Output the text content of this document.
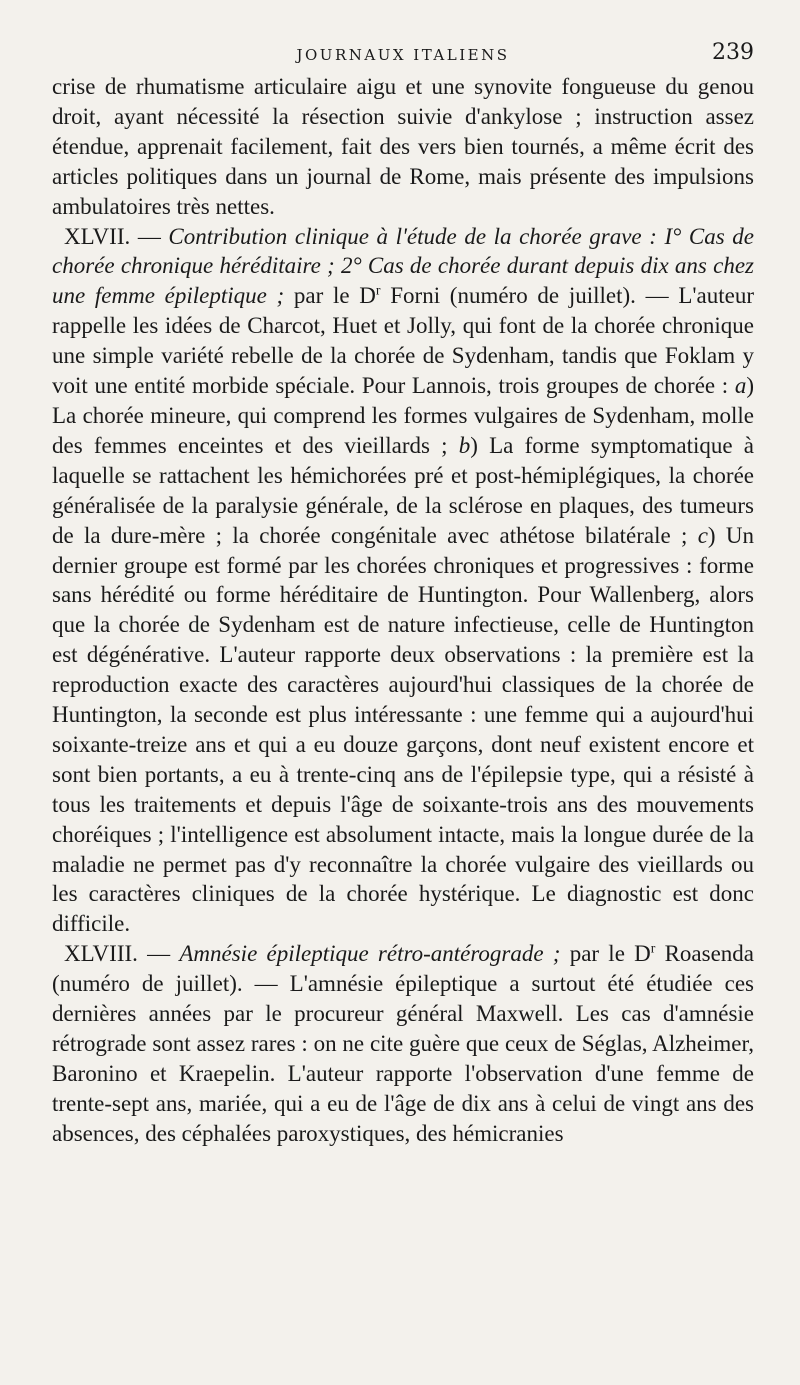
JOURNAUX ITALIENS	239

crise de rhumatisme articulaire aigu et une synovite fongueuse du genou droit, ayant nécessité la résection suivie d'ankylose ; instruction assez étendue, apprenait facilement, fait des vers bien tournés, a même écrit des articles politiques dans un journal de Rome, mais présente des impulsions ambulatoires très nettes.

XLVII. — Contribution clinique à l'étude de la chorée grave : I° Cas de chorée chronique héréditaire ; 2° Cas de chorée durant depuis dix ans chez une femme épileptique ; par le $D^r$ Forni (numéro de juillet). — L'auteur rappelle les idées de Charcot, Huet et Jolly, qui font de la chorée chronique une simple variété rebelle de la chorée de Sydenham, tandis que Foklam y voit une entité morbide spéciale. Pour Lannois, trois groupes de chorée : a) La chorée mineure, qui comprend les formes vulgaires de Sydenham, molle des femmes enceintes et des vieillards ; b) La forme symptomatique à laquelle se rattachent les hémichorées pré et post-hémiplégiques, la chorée généralisée de la paralysie générale, de la sclérose en plaques, des tumeurs de la dure-mère ; la chorée congénitale avec athétose bilatérale ; c) Un dernier groupe est formé par les chorées chroniques et progressives : forme sans hérédité ou forme héréditaire de Huntington. Pour Wallenberg, alors que la chorée de Sydenham est de nature infectieuse, celle de Huntington est dégénérative. L'auteur rapporte deux observations : la première est la reproduction exacte des caractères aujourd'hui classiques de la chorée de Huntington, la seconde est plus intéressante : une femme qui a aujourd'hui soixante-treize ans et qui a eu douze garçons, dont neuf existent encore et sont bien portants, a eu à trente-cinq ans de l'épilepsie type, qui a résisté à tous les traitements et depuis l'âge de soixante-trois ans des mouvements choréiques ; l'intelligence est absolument intacte, mais la longue durée de la maladie ne permet pas d'y reconnaître la chorée vulgaire des vieillards ou les caractères cliniques de la chorée hystérique. Le diagnostic est donc difficile.

XLVIII. — Amnésie épileptique rétro-antérograde ; par le $D^r$ Roasenda (numéro de juillet). — L'amnésie épileptique a surtout été étudiée ces dernières années par le procureur général Maxwell. Les cas d'amnésie rétrograde sont assez rares : on ne cite guère que ceux de Séglas, Alzheimer, Baronino et Kraepelin. L'auteur rapporte l'observation d'une femme de trente-sept ans, mariée, qui a eu de l'âge de dix ans à celui de vingt ans des absences, des céphalées paroxystiques, des hémicranies
